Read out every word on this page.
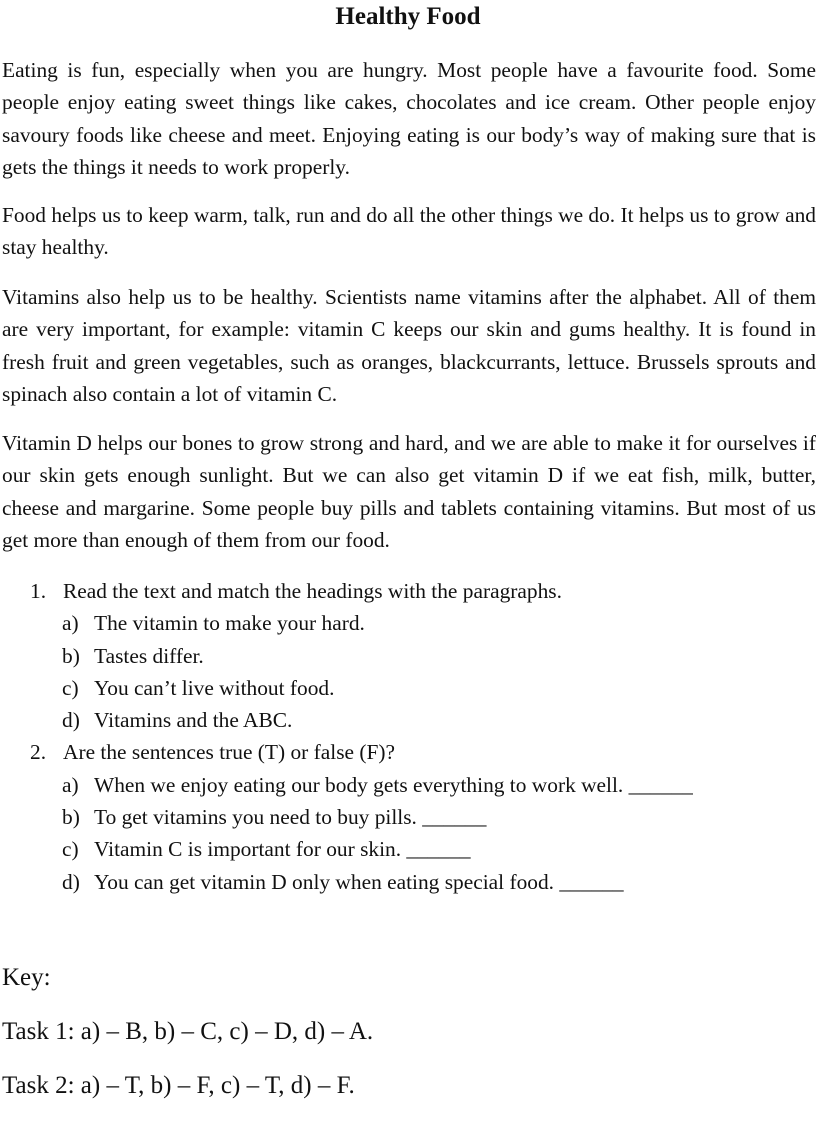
Healthy Food

Eating is fun, especially when you are hungry. Most people have a favourite food. Some people enjoy eating sweet things like cakes, chocolates and ice cream. Other people enjoy savoury foods like cheese and meet. Enjoying eating is our body’s way of making sure that is gets the things it needs to work properly.

Food helps us to keep warm, talk, run and do all the other things we do. It helps us to grow and stay healthy.

Vitamins also help us to be healthy. Scientists name vitamins after the alphabet. All of them are very important, for example: vitamin C keeps our skin and gums healthy. It is found in fresh fruit and green vegetables, such as oranges, blackcurrants, lettuce. Brussels sprouts and spinach also contain a lot of vitamin C.

Vitamin D helps our bones to grow strong and hard, and we are able to make it for ourselves if our skin gets enough sunlight. But we can also get vitamin D if we eat fish, milk, butter, cheese and margarine. Some people buy pills and tablets containing vitamins. But most of us get more than enough of them from our food.

1. Read the text and match the headings with the paragraphs.
a) The vitamin to make your hard.
b) Tastes differ.
c) You can’t live without food.
d) Vitamins and the ABC.
2. Are the sentences true (T) or false (F)?
a) When we enjoy eating our body gets everything to work well. ______
b) To get vitamins you need to buy pills. ______
c) Vitamin C is important for our skin. ______
d) You can get vitamin D only when eating special food. ______

Key:

Task 1: a) – B, b) – C, c) – D, d) – A.

Task 2: a) – T, b) – F, c) – T, d) – F.
